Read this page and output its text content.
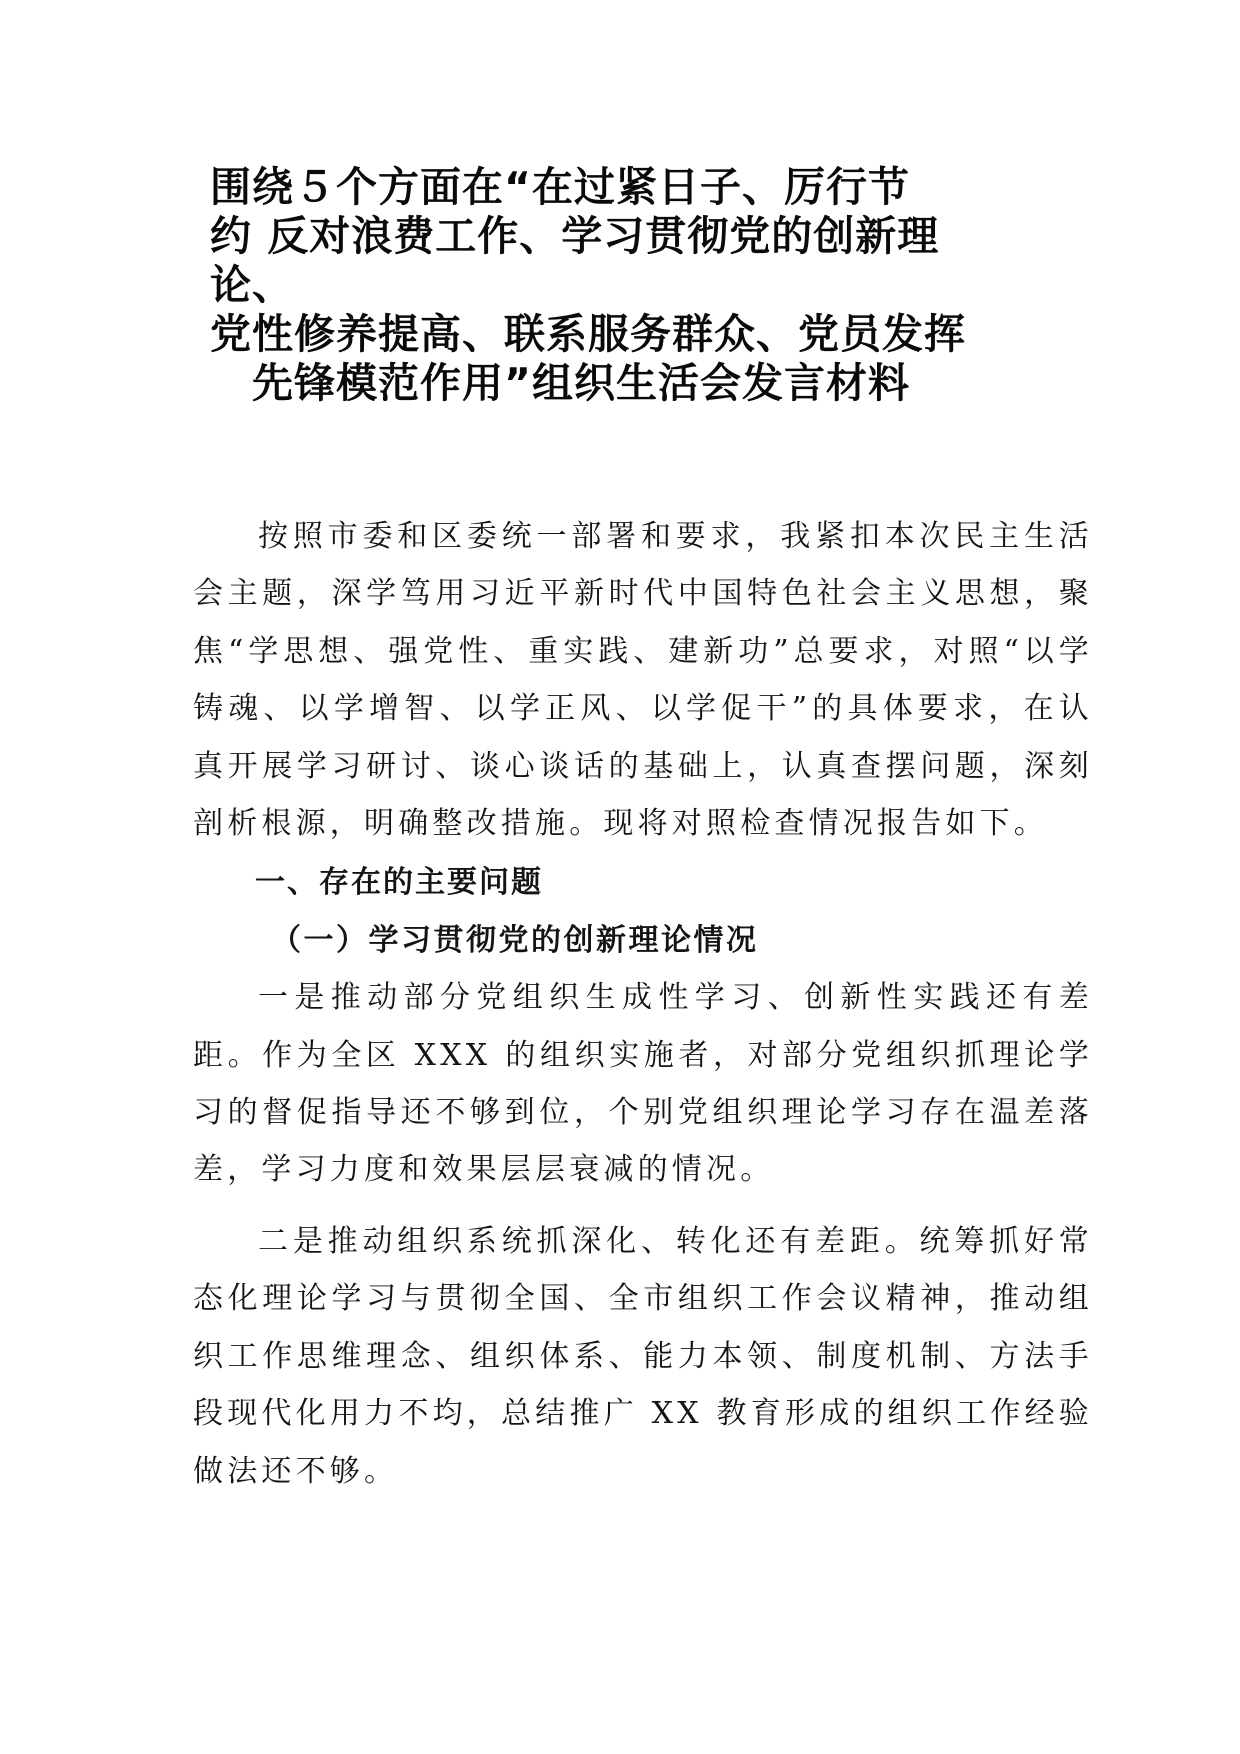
围绕５个方面在“在过紧日子、厉行节
约 反对浪费工作、学习贯彻党的创新理
论、
党性修养提高、联系服务群众、党员发挥
先锋模范作用”组织生活会发言材料

按照市委和区委统一部署和要求，我紧扣本次民主生活会主题，深学笃用习近平新时代中国特色社会主义思想，聚焦“学思想、强党性、重实践、建新功”总要求，对照“以学铸魂、以学增智、以学正风、以学促干”的具体要求，在认真开展学习研讨、谈心谈话的基础上，认真查摆问题，深刻剖析根源，明确整改措施。现将对照检查情况报告如下。

一、存在的主要问题

（一）学习贯彻党的创新理论情况

一是推动部分党组织生成性学习、创新性实践还有差距。作为全区 XXX 的组织实施者，对部分党组织抓理论学习的督促指导还不够到位，个别党组织理论学习存在温差落差，学习力度和效果层层衰减的情况。

二是推动组织系统抓深化、转化还有差距。统筹抓好常态化理论学习与贯彻全国、全市组织工作会议精神，推动组织工作思维理念、组织体系、能力本领、制度机制、方法手段现代化用力不均，总结推广 XX 教育形成的组织工作经验做法还不够。
